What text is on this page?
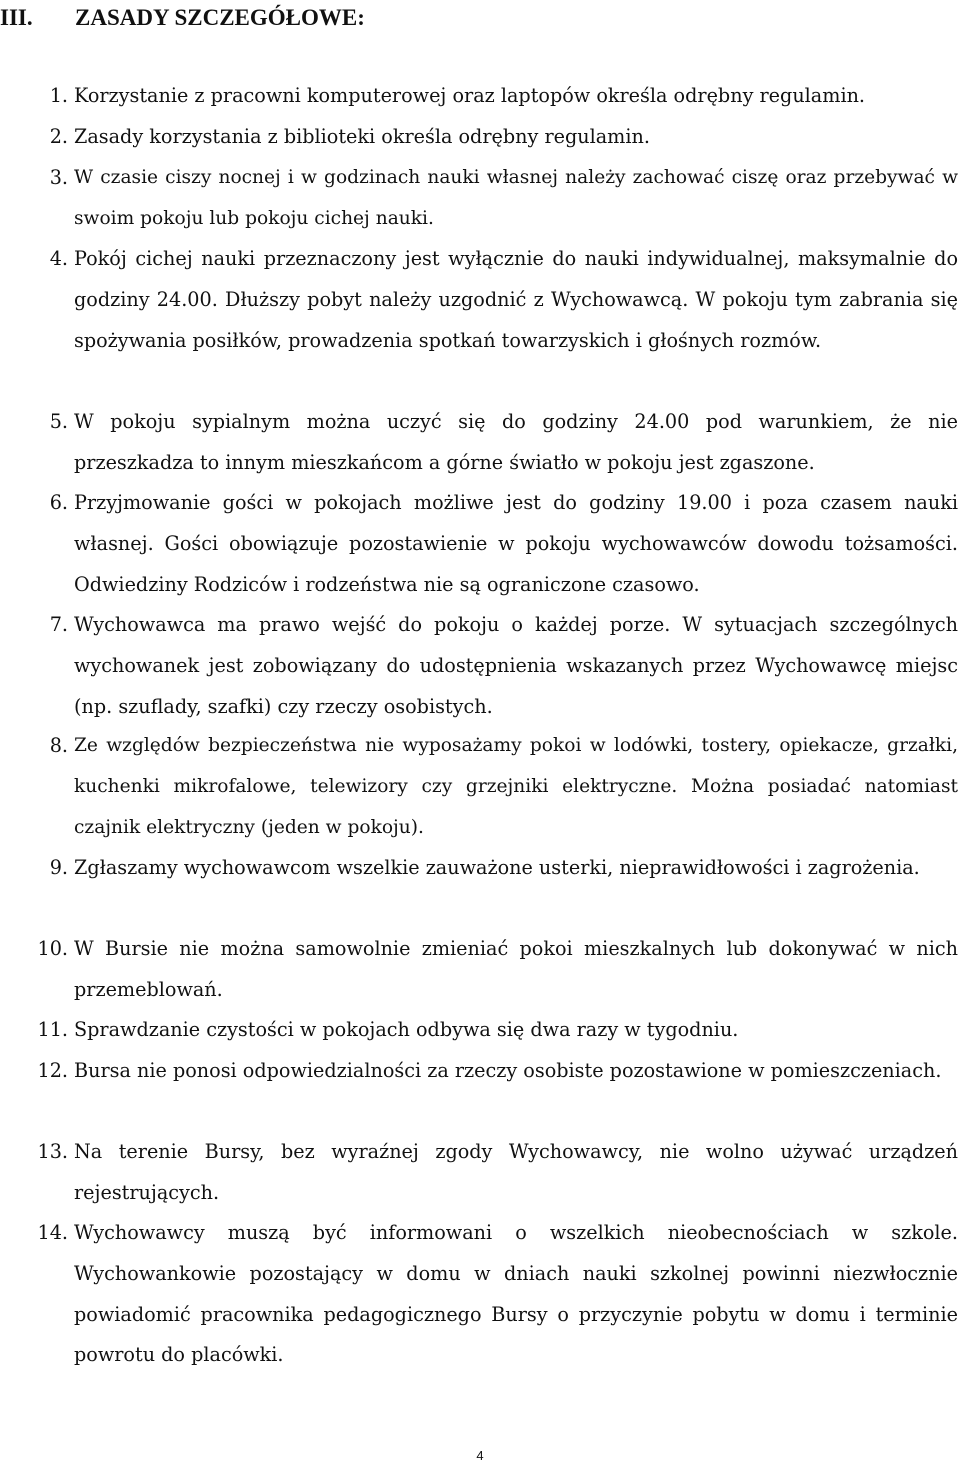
III. ZASADY SZCZEGÓŁOWE:
1. Korzystanie z pracowni komputerowej oraz laptopów określa odrębny regulamin.
2. Zasady korzystania z biblioteki określa odrębny regulamin.
3. W czasie ciszy nocnej i w godzinach nauki własnej należy zachować ciszę oraz przebywać w swoim pokoju lub pokoju cichej nauki.
4. Pokój cichej nauki przeznaczony jest wyłącznie do nauki indywidualnej, maksymalnie do godziny 24.00. Dłuższy pobyt należy uzgodnić z Wychowawcą. W pokoju tym zabrania się spożywania posiłków, prowadzenia spotkań towarzyskich i głośnych rozmów.
5. W pokoju sypialnym można uczyć się do godziny 24.00 pod warunkiem, że nie przeszkadza to innym mieszkańcom a górne światło w pokoju jest zgaszone.
6. Przyjmowanie gości w pokojach możliwe jest do godziny 19.00 i poza czasem nauki własnej. Gości obowiązuje pozostawienie w pokoju wychowawców dowodu tożsamości. Odwiedziny Rodziców i rodzeństwa nie są ograniczone czasowo.
7. Wychowawca ma prawo wejść do pokoju o każdej porze. W sytuacjach szczególnych wychowanek jest zobowiązany do udostępnienia wskazanych przez Wychowawcę miejsc (np. szuflady, szafki) czy rzeczy osobistych.
8. Ze względów bezpieczeństwa nie wyposażamy pokoi w lodówki, tostery, opiekacze, grzałki, kuchenki mikrofalowe, telewizory czy grzejniki elektryczne. Można posiadać natomiast czajnik elektryczny (jeden w pokoju).
9. Zgłaszamy wychowawcom wszelkie zauważone usterki, nieprawidłowości i zagrożenia.
10. W Bursie nie można samowolnie zmieniać pokoi mieszkalnych lub dokonywać w nich przemeblowań.
11. Sprawdzanie czystości w pokojach odbywa się dwa razy w tygodniu.
12. Bursa nie ponosi odpowiedzialności za rzeczy osobiste pozostawione w pomieszczeniach.
13. Na terenie Bursy, bez wyraźnej zgody Wychowawcy, nie wolno używać urządzeń rejestrujących.
14. Wychowawcy muszą być informowani o wszelkich nieobecnościach w szkole. Wychowankowie pozostający w domu w dniach nauki szkolnej powinni niezwłocznie powiadomić pracownika pedagogicznego Bursy o przyczynie pobytu w domu i terminie powrotu do placówki.
4
